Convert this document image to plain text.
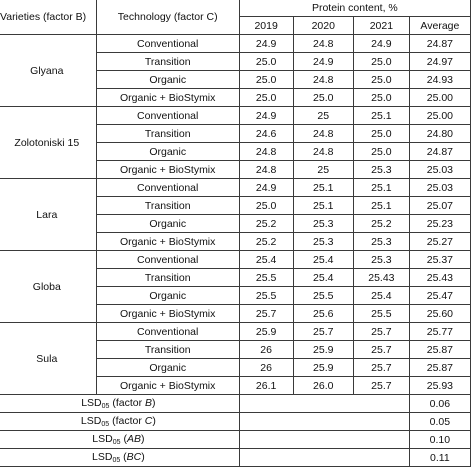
Varieties (factor B)	Technology (factor C)	Protein content, %			
		2019	2020	2021	Average
Glyana	Conventional	24.9	24.8	24.9	24.87
	Transition	25.0	24.9	25.0	24.97
	Organic	25.0	24.8	25.0	24.93
	Organic + BioStymix	25.0	25.0	25.0	25.00
Zolotoniski 15	Conventional	24.9	25	25.1	25.00
	Transition	24.6	24.8	25.0	24.80
	Organic	24.8	24.8	25.0	24.87
	Organic + BioStymix	24.8	25	25.3	25.03
Lara	Conventional	24.9	25.1	25.1	25.03
	Transition	25.0	25.1	25.1	25.07
	Organic	25.2	25.3	25.2	25.23
	Organic + BioStymix	25.2	25.3	25.3	25.27
Globa	Conventional	25.4	25.4	25.3	25.37
	Transition	25.5	25.4	25.43	25.43
	Organic	25.5	25.5	25.4	25.47
	Organic + BioStymix	25.7	25.6	25.5	25.60
Sula	Conventional	25.9	25.7	25.7	25.77
	Transition	26	25.9	25.7	25.87
	Organic	26	25.9	25.7	25.87
	Organic + BioStymix	26.1	26.0	25.7	25.93
$LSD_{05}$ (factor B)					0.06
$LSD_{05}$ (factor C)					0.05
$LSD_{05}$ (AB)					0.10
$LSD_{05}$ (BC)					0.11
